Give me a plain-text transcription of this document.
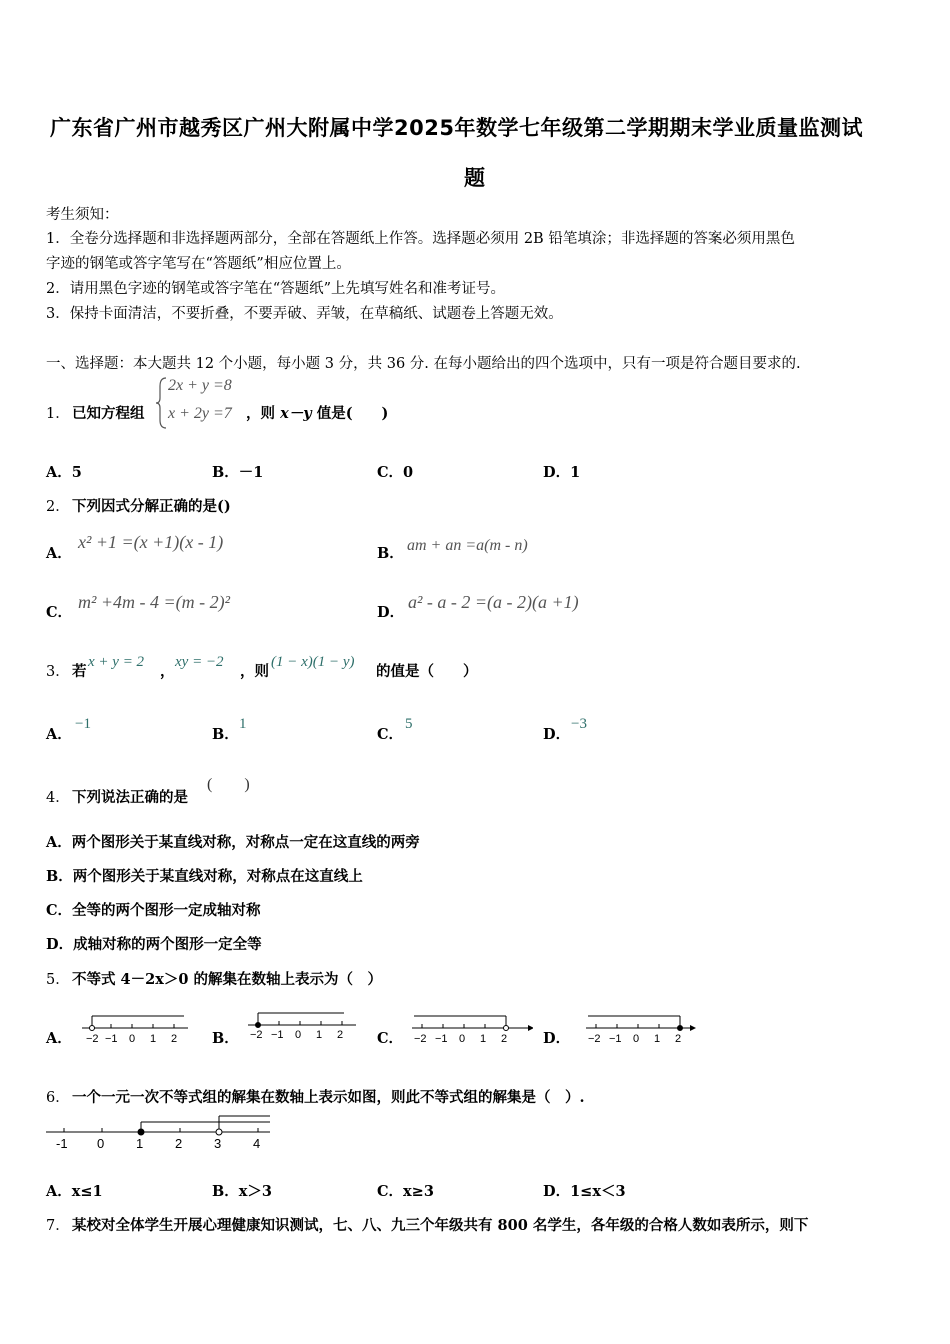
广东省广州市越秀区广州大附属中学2025年数学七年级第二学期期末学业质量监测试
题
考生须知：
1．全卷分选择题和非选择题两部分，全部在答题纸上作答。选择题必须用 2B 铅笔填涂；非选择题的答案必须用黑色
字迹的钢笔或答字笔写在“答题纸”相应位置上。
2．请用黑色字迹的钢笔或答字笔在“答题纸”上先填写姓名和准考证号。
3．保持卡面清洁，不要折叠，不要弄破、弄皱，在草稿纸、试题卷上答题无效。
一、选择题：本大题共 12 个小题，每小题 3 分，共 36 分. 在每小题给出的四个选项中，只有一项是符合题目要求的.
1． 已知方程组
2x + y =8
x + 2y =7 ，则 x－y 值是(　　)
A．5	B．－1	C．0	D．1
2． 下列因式分解正确的是()
A．
x² +1 =(x +1)(x - 1)
B． am + an =a(m - n)
C．
m² +4m - 4 =(m - 2)²
D．
a² - a - 2 =(a - 2)(a +1)
3． 若
x + y = 2
，
xy = −2
，则
(1 − x)(1 − y)
的值是（　　）
A．
−1
B．
1
C．
5
D．
−3
4． 下列说法正确的是
(　　)
A．两个图形关于某直线对称，对称点一定在这直线的两旁
B．两个图形关于某直线对称，对称点在这直线上
C．全等的两个图形一定成轴对称
D．成轴对称的两个图形一定全等
5． 不等式 4－2x＞0 的解集在数轴上表示为（　）
A．	B．	C．	D．
−2 −1 0 1 2	−2 −1 0 1 2	−2 −1 0 1 2	−2 −1 0 1 2
6． 一个一元一次不等式组的解集在数轴上表示如图，则此不等式组的解集是（　）.
-1 0 1 2 3 4
A．x≤1	B．x＞3	C．x≥3	D．1≤x＜3
7． 某校对全体学生开展心理健康知识测试，七、八、九三个年级共有 800 名学生，各年级的合格人数如表所示，则下
